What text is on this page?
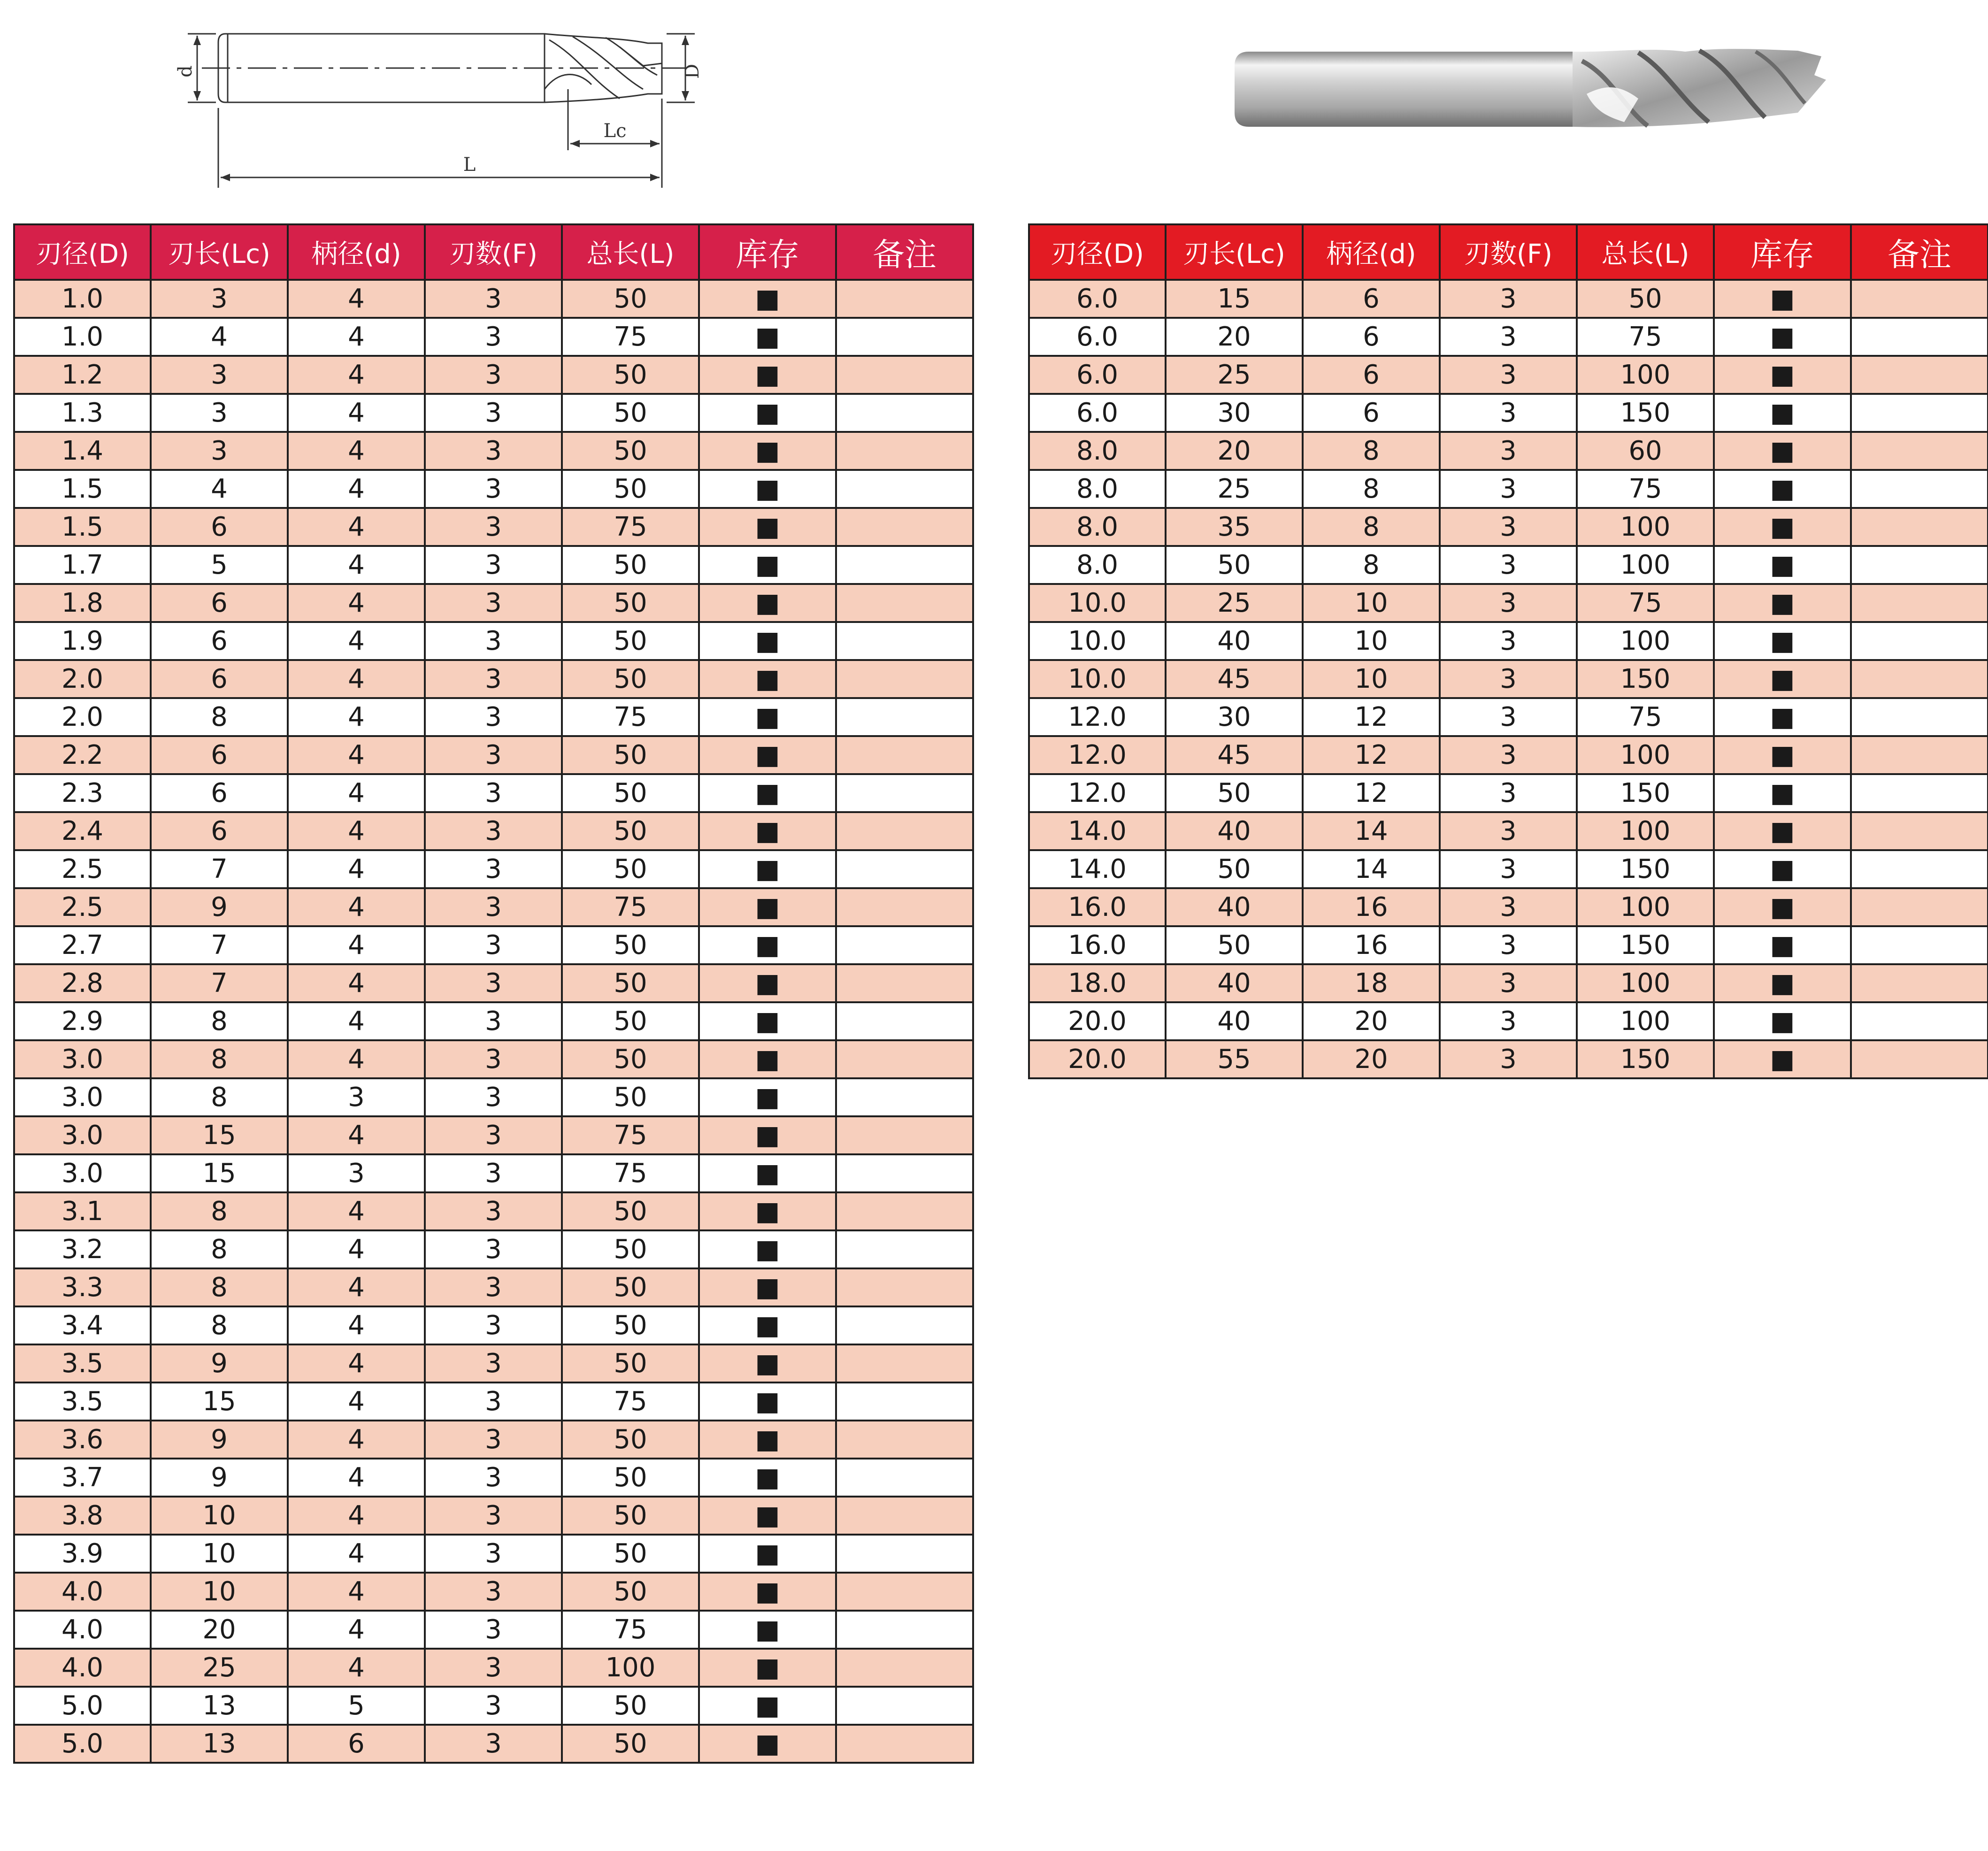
d	D
Lc
L
刃径(D)	刃长(Lc)	柄径(d)	刃数(F)	总长(L)	库存	备注
1.0	3	4	3	50	■	
1.0	4	4	3	75	■	
1.2	3	4	3	50	■	
1.3	3	4	3	50	■	
1.4	3	4	3	50	■	
1.5	4	4	3	50	■	
1.5	6	4	3	75	■	
1.7	5	4	3	50	■	
1.8	6	4	3	50	■	
1.9	6	4	3	50	■	
2.0	6	4	3	50	■	
2.0	8	4	3	75	■	
2.2	6	4	3	50	■	
2.3	6	4	3	50	■	
2.4	6	4	3	50	■	
2.5	7	4	3	50	■	
2.5	9	4	3	75	■	
2.7	7	4	3	50	■	
2.8	7	4	3	50	■	
2.9	8	4	3	50	■	
3.0	8	4	3	50	■	
3.0	8	3	3	50	■	
3.0	15	4	3	75	■	
3.0	15	3	3	75	■	
3.1	8	4	3	50	■	
3.2	8	4	3	50	■	
3.3	8	4	3	50	■	
3.4	8	4	3	50	■	
3.5	9	4	3	50	■	
3.5	15	4	3	75	■	
3.6	9	4	3	50	■	
3.7	9	4	3	50	■	
3.8	10	4	3	50	■	
3.9	10	4	3	50	■	
4.0	10	4	3	50	■	
4.0	20	4	3	75	■	
4.0	25	4	3	100	■	
5.0	13	5	3	50	■	
5.0	13	6	3	50	■	
刃径(D)	刃长(Lc)	柄径(d)	刃数(F)	总长(L)	库存	备注
6.0	15	6	3	50	■	
6.0	20	6	3	75	■	
6.0	25	6	3	100	■	
6.0	30	6	3	150	■	
8.0	20	8	3	60	■	
8.0	25	8	3	75	■	
8.0	35	8	3	100	■	
8.0	50	8	3	100	■	
10.0	25	10	3	75	■	
10.0	40	10	3	100	■	
10.0	45	10	3	150	■	
12.0	30	12	3	75	■	
12.0	45	12	3	100	■	
12.0	50	12	3	150	■	
14.0	40	14	3	100	■	
14.0	50	14	3	150	■	
16.0	40	16	3	100	■	
16.0	50	16	3	150	■	
18.0	40	18	3	100	■	
20.0	40	20	3	100	■	
20.0	55	20	3	150	■	
